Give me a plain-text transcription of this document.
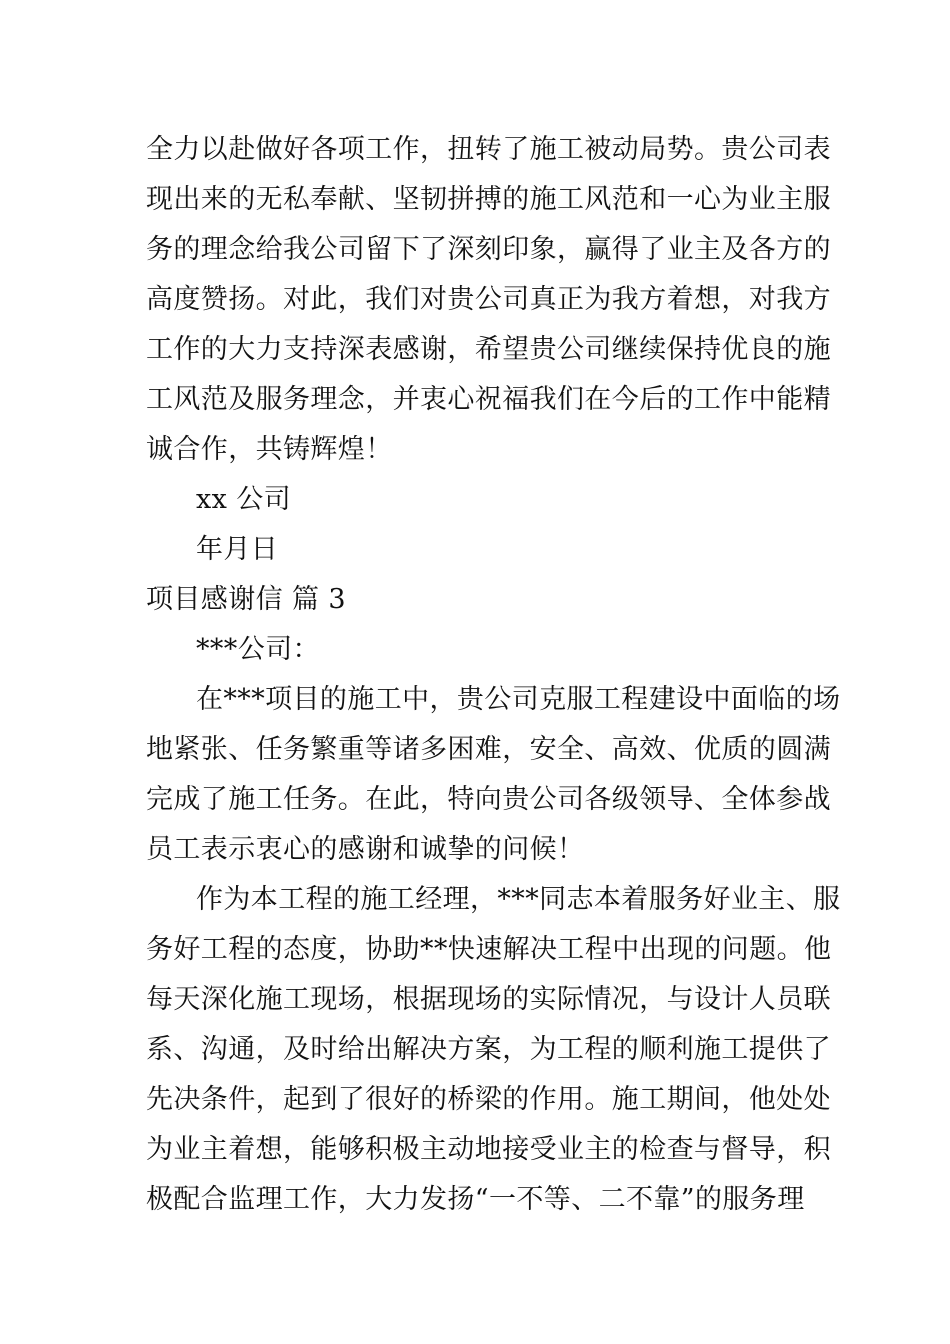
全力以赴做好各项工作，扭转了施工被动局势。贵公司表
现出来的无私奉献、坚韧拼搏的施工风范和一心为业主服
务的理念给我公司留下了深刻印象，赢得了业主及各方的
高度赞扬。对此，我们对贵公司真正为我方着想，对我方
工作的大力支持深表感谢，希望贵公司继续保持优良的施
工风范及服务理念，并衷心祝福我们在今后的工作中能精
诚合作，共铸辉煌！
xx 公司
年月日
项目感谢信 篇 3
***公司：
在***项目的施工中，贵公司克服工程建设中面临的场
地紧张、任务繁重等诸多困难，安全、高效、优质的圆满
完成了施工任务。在此，特向贵公司各级领导、全体参战
员工表示衷心的感谢和诚挚的问候！
作为本工程的施工经理，***同志本着服务好业主、服
务好工程的态度，协助**快速解决工程中出现的问题。他
每天深化施工现场，根据现场的实际情况，与设计人员联
系、沟通，及时给出解决方案，为工程的顺利施工提供了
先决条件，起到了很好的桥梁的作用。施工期间，他处处
为业主着想，能够积极主动地接受业主的检查与督导，积
极配合监理工作，大力发扬“一不等、二不靠”的服务理
